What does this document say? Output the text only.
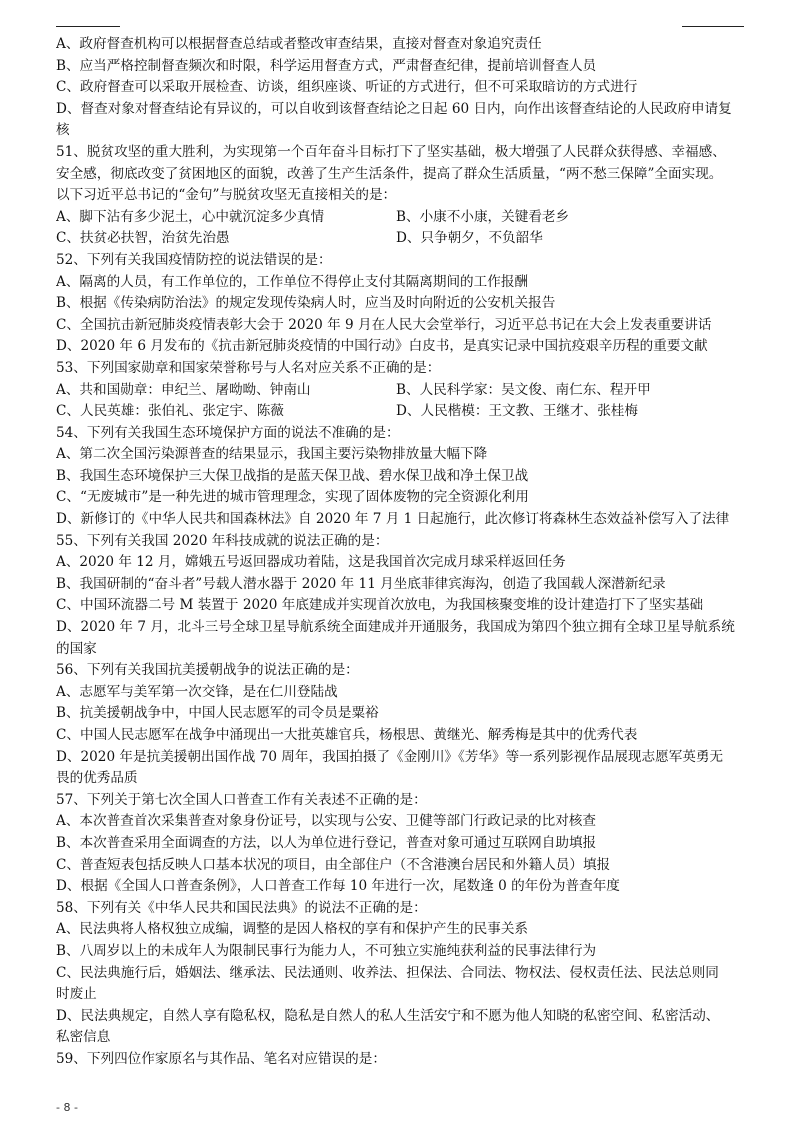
A、政府督查机构可以根据督查总结或者整改审查结果，直接对督查对象追究责任
B、应当严格控制督查频次和时限，科学运用督查方式，严肃督查纪律，提前培训督查人员
C、政府督查可以采取开展检查、访谈，组织座谈、听证的方式进行，但不可采取暗访的方式进行
D、督查对象对督查结论有异议的，可以自收到该督查结论之日起 60 日内，向作出该督查结论的人民政府申请复
核
51、脱贫攻坚的重大胜利，为实现第一个百年奋斗目标打下了坚实基础，极大增强了人民群众获得感、幸福感、
安全感，彻底改变了贫困地区的面貌，改善了生产生活条件，提高了群众生活质量，“两不愁三保障”全面实现。
以下习近平总书记的“金句”与脱贫攻坚无直接相关的是：
A、脚下沾有多少泥土，心中就沉淀多少真情	B、小康不小康，关键看老乡
C、扶贫必扶智，治贫先治愚	D、只争朝夕，不负韶华
52、下列有关我国疫情防控的说法错误的是：
A、隔离的人员，有工作单位的，工作单位不得停止支付其隔离期间的工作报酬
B、根据《传染病防治法》的规定发现传染病人时，应当及时向附近的公安机关报告
C、全国抗击新冠肺炎疫情表彰大会于 2020 年 9 月在人民大会堂举行，习近平总书记在大会上发表重要讲话
D、2020 年 6 月发布的《抗击新冠肺炎疫情的中国行动》白皮书，是真实记录中国抗疫艰辛历程的重要文献
53、下列国家勋章和国家荣誉称号与人名对应关系不正确的是：
A、共和国勋章：申纪兰、屠呦呦、钟南山	B、人民科学家：吴文俊、南仁东、程开甲
C、人民英雄：张伯礼、张定宇、陈薇	D、人民楷模：王文教、王继才、张桂梅
54、下列有关我国生态环境保护方面的说法不准确的是：
A、第二次全国污染源普查的结果显示，我国主要污染物排放量大幅下降
B、我国生态环境保护三大保卫战指的是蓝天保卫战、碧水保卫战和净土保卫战
C、“无废城市”是一种先进的城市管理理念，实现了固体废物的完全资源化利用
D、新修订的《中华人民共和国森林法》自 2020 年 7 月 1 日起施行，此次修订将森林生态效益补偿写入了法律
55、下列有关我国 2020 年科技成就的说法正确的是：
A、2020 年 12 月，嫦娥五号返回器成功着陆，这是我国首次完成月球采样返回任务
B、我国研制的“奋斗者”号载人潜水器于 2020 年 11 月坐底菲律宾海沟，创造了我国载人深潜新纪录
C、中国环流器二号 M 装置于 2020 年底建成并实现首次放电，为我国核聚变堆的设计建造打下了坚实基础
D、2020 年 7 月，北斗三号全球卫星导航系统全面建成并开通服务，我国成为第四个独立拥有全球卫星导航系统
的国家
56、下列有关我国抗美援朝战争的说法正确的是：
A、志愿军与美军第一次交锋，是在仁川登陆战
B、抗美援朝战争中，中国人民志愿军的司令员是粟裕
C、中国人民志愿军在战争中涌现出一大批英雄官兵，杨根思、黄继光、解秀梅是其中的优秀代表
D、2020 年是抗美援朝出国作战 70 周年，我国拍摄了《金刚川》《芳华》等一系列影视作品展现志愿军英勇无
畏的优秀品质
57、下列关于第七次全国人口普查工作有关表述不正确的是：
A、本次普查首次采集普查对象身份证号，以实现与公安、卫健等部门行政记录的比对核查
B、本次普查采用全面调查的方法，以人为单位进行登记，普查对象可通过互联网自助填报
C、普查短表包括反映人口基本状况的项目，由全部住户（不含港澳台居民和外籍人员）填报
D、根据《全国人口普查条例》，人口普查工作每 10 年进行一次，尾数逢 0 的年份为普查年度
58、下列有关《中华人民共和国民法典》的说法不正确的是：
A、民法典将人格权独立成编，调整的是因人格权的享有和保护产生的民事关系
B、八周岁以上的未成年人为限制民事行为能力人，不可独立实施纯获利益的民事法律行为
C、民法典施行后，婚姻法、继承法、民法通则、收养法、担保法、合同法、物权法、侵权责任法、民法总则同
时废止
D、民法典规定，自然人享有隐私权，隐私是自然人的私人生活安宁和不愿为他人知晓的私密空间、私密活动、
私密信息
59、下列四位作家原名与其作品、笔名对应错误的是：
- 8 -
